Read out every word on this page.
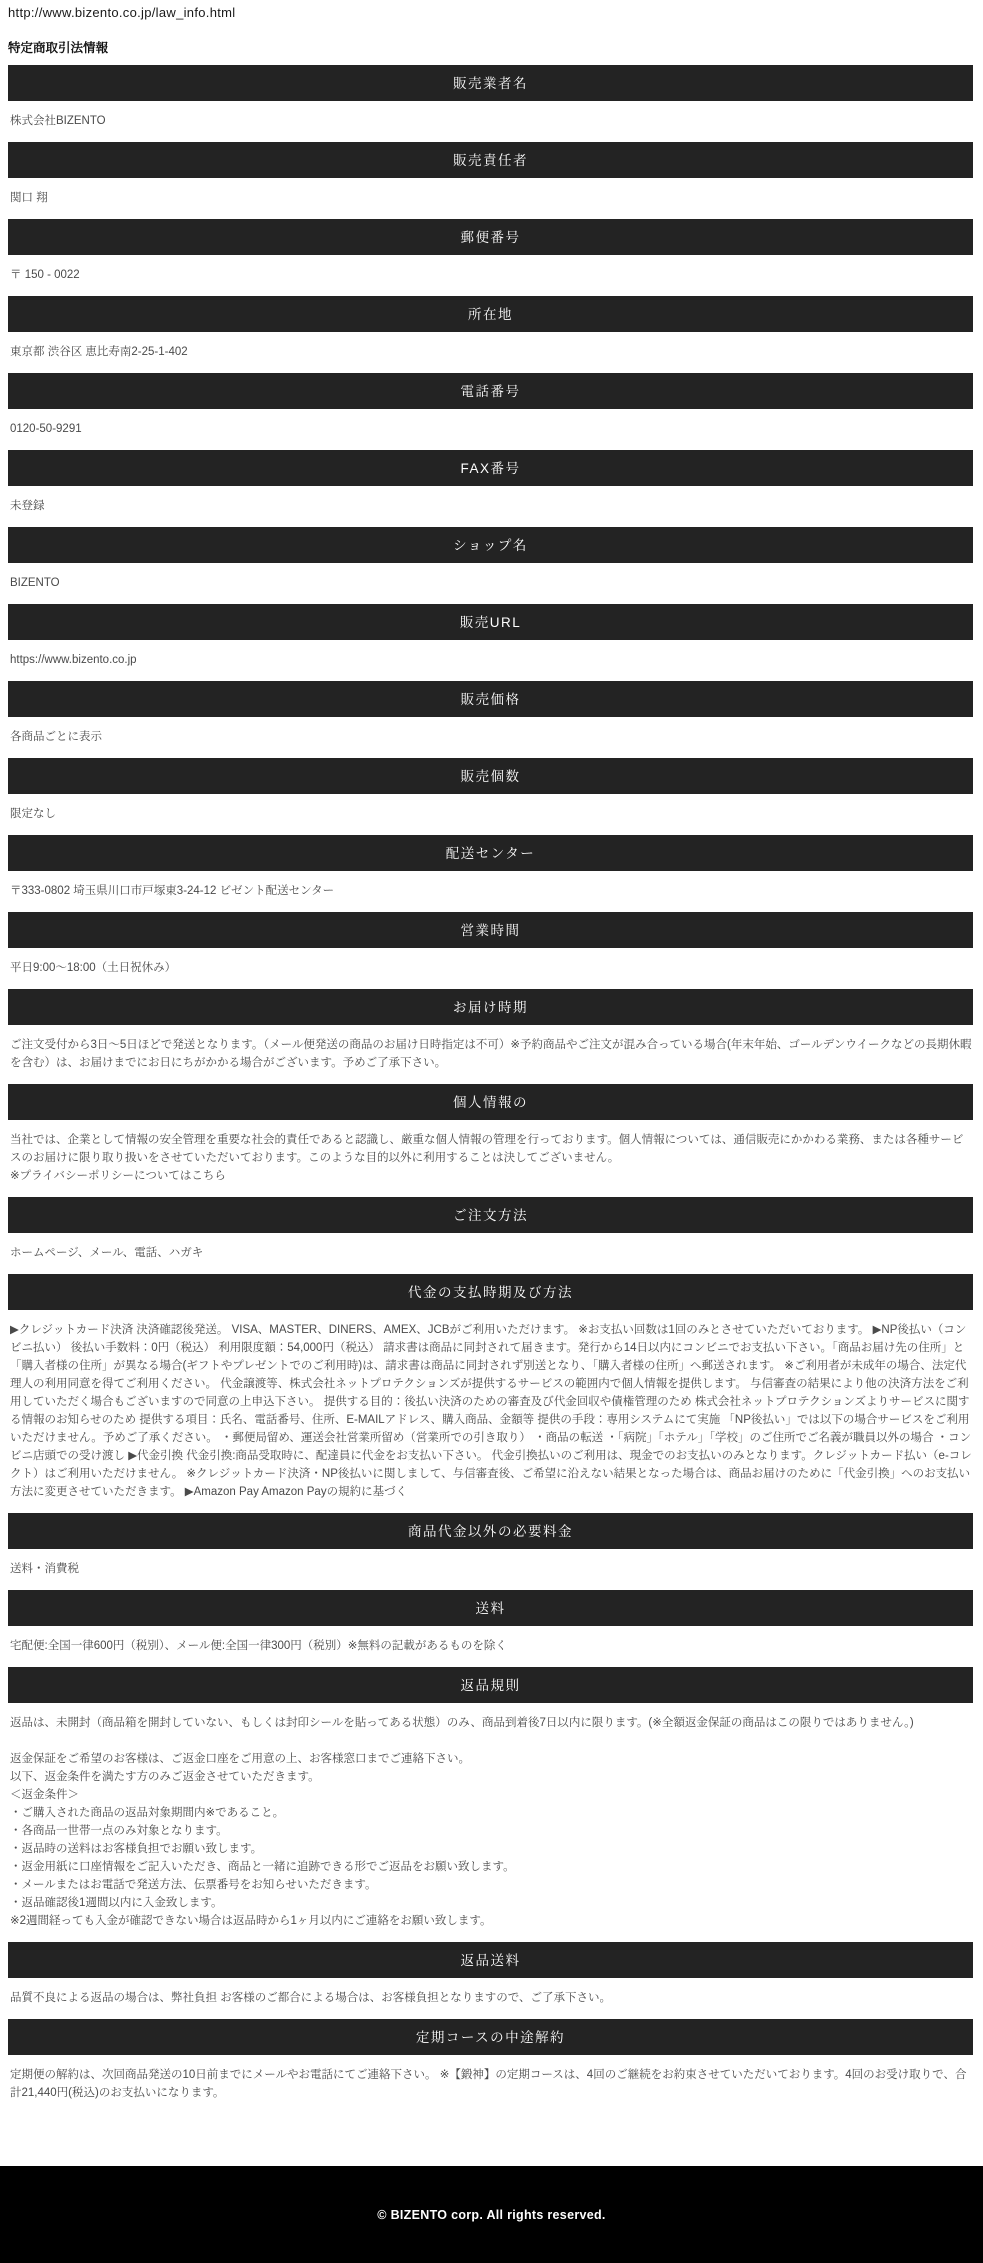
http://www.bizento.co.jp/law_info.html
特定商取引法情報
販売業者名
株式会社BIZENTO
販売責任者
関口 翔
郵便番号
〒 150 - 0022
所在地
東京都 渋谷区 恵比寿南2-25-1-402
電話番号
0120-50-9291
FAX番号
未登録
ショップ名
BIZENTO
販売URL
https://www.bizento.co.jp
販売価格
各商品ごとに表示
販売個数
限定なし
配送センター
〒333-0802 埼玉県川口市戸塚東3‐24‐12 ビゼント配送センター
営業時間
平日9:00〜18:00（土日祝休み）
お届け時期
ご注文受付から3日〜5日ほどで発送となります。（メール便発送の商品のお届け日時指定は不可）※予約商品やご注文が混み合っている場合(年末年始、ゴールデンウイークなどの長期休暇を含む）は、お届けまでにお日にちがかかる場合がございます。予めご了承下さい。
個人情報の
当社では、企業として情報の安全管理を重要な社会的責任であると認識し、厳重な個人情報の管理を行っております。個人情報については、通信販売にかかわる業務、または各種サービスのお届けに限り取り扱いをさせていただいております。このような目的以外に利用することは決してございません。
※プライバシーポリシーについてはこちら
ご注文方法
ホームページ、メール、電話、ハガキ
代金の支払時期及び方法
▶クレジットカード決済 決済確認後発送。 VISA、MASTER、DINERS、AMEX、JCBがご利用いただけます。 ※お支払い回数は1回のみとさせていただいております。 ▶NP後払い（コンビニ払い） 後払い手数料：0円（税込） 利用限度額：54,000円（税込） 請求書は商品に同封されて届きます。発行から14日以内にコンビニでお支払い下さい。「商品お届け先の住所」と「購入者様の住所」が異なる場合(ギフトやプレゼントでのご利用時)は、請求書は商品に同封されず別送となり、「購入者様の住所」へ郵送されます。 ※ご利用者が未成年の場合、法定代理人の利用同意を得てご利用ください。 代金譲渡等、株式会社ネットプロテクションズが提供するサービスの範囲内で個人情報を提供します。 与信審査の結果により他の決済方法をご利用していただく場合もございますので同意の上申込下さい。 提供する目的：後払い決済のための審査及び代金回収や債権管理のため 株式会社ネットプロテクションズよりサービスに関する情報のお知らせのため 提供する項目：氏名、電話番号、住所、E-MAILアドレス、購入商品、金額等 提供の手段：専用システムにて実施 「NP後払い」では以下の場合サービスをご利用いただけません。予めご了承ください。 ・郵便局留め、運送会社営業所留め（営業所での引き取り） ・商品の転送 ・「病院」「ホテル」「学校」のご住所でご名義が職員以外の場合 ・コンビニ店頭での受け渡し ▶代金引換 代金引換:商品受取時に、配達員に代金をお支払い下さい。 代金引換払いのご利用は、現金でのお支払いのみとなります。クレジットカード払い（e-コレクト）はご利用いただけません。 ※クレジットカード決済・NP後払いに関しまして、与信審査後、ご希望に沿えない結果となった場合は、商品お届けのために「代金引換」へのお支払い方法に変更させていただきます。 ▶Amazon Pay Amazon Payの規約に基づく
商品代金以外の必要料金
送料・消費税
送料
宅配便:全国一律600円（税別）、メール便:全国一律300円（税別）※無料の記載があるものを除く
返品規則
返品は、未開封（商品箱を開封していない、もしくは封印シールを貼ってある状態）のみ、商品到着後7日以内に限ります。(※全額返金保証の商品はこの限りではありません。)

返金保証をご希望のお客様は、ご返金口座をご用意の上、お客様窓口までご連絡下さい。
以下、返金条件を満たす方のみご返金させていただきます。
＜返金条件＞
・ご購入された商品の返品対象期間内※であること。
・各商品一世帯一点のみ対象となります。
・返品時の送料はお客様負担でお願い致します。
・返金用紙に口座情報をご記入いただき、商品と一緒に追跡できる形でご返品をお願い致します。
・メールまたはお電話で発送方法、伝票番号をお知らせいただきます。
・返品確認後1週間以内に入金致します。
※2週間経っても入金が確認できない場合は返品時から1ヶ月以内にご連絡をお願い致します。
返品送料
品質不良による返品の場合は、弊社負担 お客様のご都合による場合は、お客様負担となりますので、ご了承下さい。
定期コースの中途解約
定期便の解約は、次回商品発送の10日前までにメールやお電話にてご連絡下さい。 ※【鍛神】の定期コースは、4回のご継続をお約束させていただいております。4回のお受け取りで、合計21,440円(税込)のお支払いになります。
© BIZENTO corp. All rights reserved.
